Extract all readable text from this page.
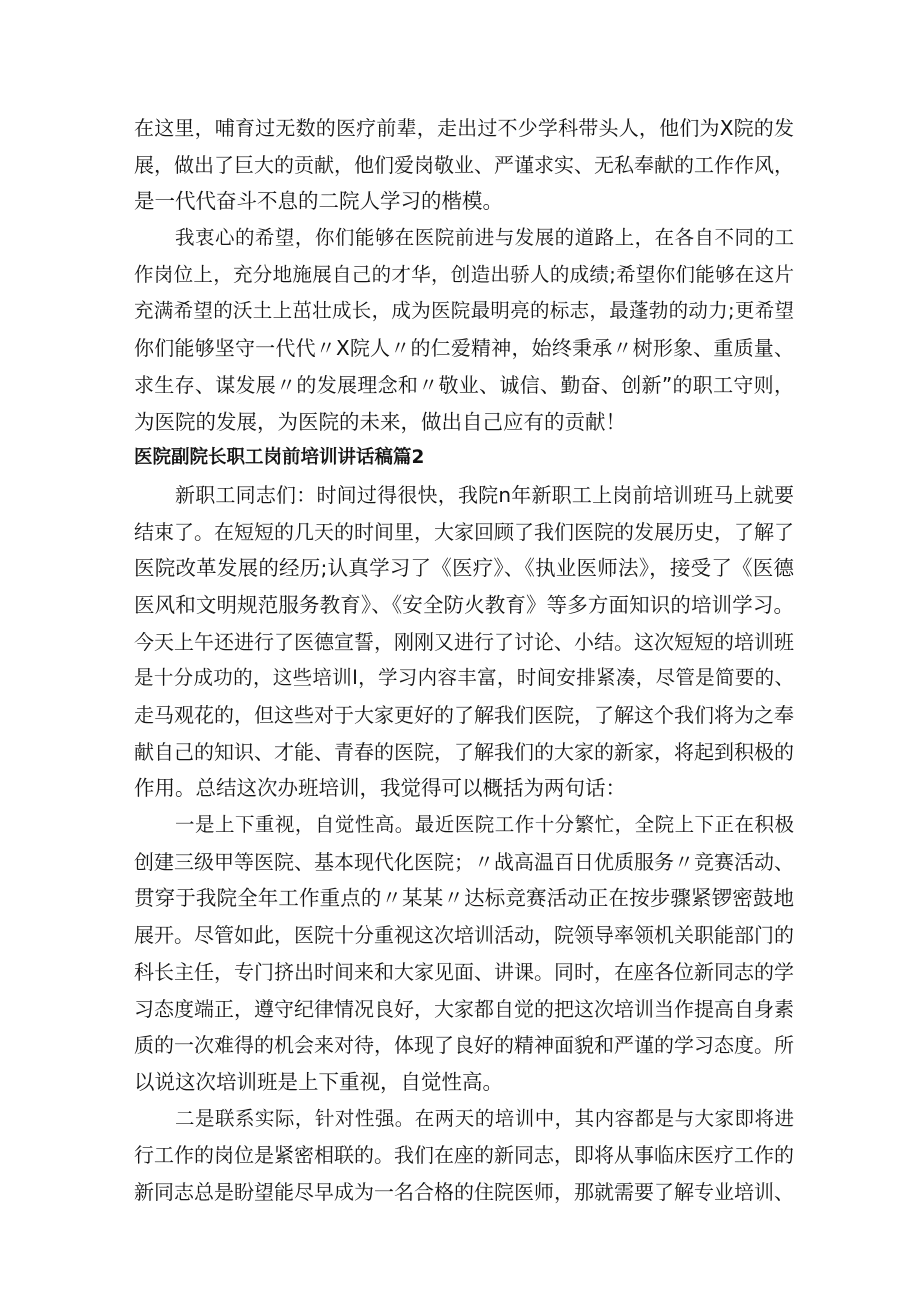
在这里，哺育过无数的医疗前辈，走出过不少学科带头人，他们为X院的发
展，做出了巨大的贡献，他们爱岗敬业、严谨求实、无私奉献的工作作风，
是一代代奋斗不息的二院人学习的楷模。
我衷心的希望，你们能够在医院前进与发展的道路上，在各自不同的工
作岗位上，充分地施展自己的才华，创造出骄人的成绩;希望你们能够在这片
充满希望的沃土上茁壮成长，成为医院最明亮的标志，最蓬勃的动力;更希望
你们能够坚守一代代〃X院人〃的仁爱精神，始终秉承〃树形象、重质量、
求生存、谋发展〃的发展理念和〃敬业、诚信、勤奋、创新”的职工守则，
为医院的发展，为医院的未来，做出自己应有的贡献！
医院副院长职工岗前培训讲话稿篇2
新职工同志们：时间过得很快，我院n年新职工上岗前培训班马上就要
结束了。在短短的几天的时间里，大家回顾了我们医院的发展历史，了解了
医院改革发展的经历;认真学习了《医疗》、《执业医师法》，接受了《医德
医风和文明规范服务教育》、《安全防火教育》等多方面知识的培训学习。
今天上午还进行了医德宣誓，刚刚又进行了讨论、小结。这次短短的培训班
是十分成功的，这些培训I，学习内容丰富，时间安排紧凑，尽管是简要的、
走马观花的，但这些对于大家更好的了解我们医院，了解这个我们将为之奉
献自己的知识、才能、青春的医院，了解我们的大家的新家，将起到积极的
作用。总结这次办班培训，我觉得可以概括为两句话：
一是上下重视，自觉性高。最近医院工作十分繁忙，全院上下正在积极
创建三级甲等医院、基本现代化医院；〃战高温百日优质服务〃竞赛活动、
贯穿于我院全年工作重点的〃某某〃达标竞赛活动正在按步骤紧锣密鼓地
展开。尽管如此，医院十分重视这次培训活动，院领导率领机关职能部门的
科长主任，专门挤出时间来和大家见面、讲课。同时，在座各位新同志的学
习态度端正，遵守纪律情况良好，大家都自觉的把这次培训当作提高自身素
质的一次难得的机会来对待，体现了良好的精神面貌和严谨的学习态度。所
以说这次培训班是上下重视，自觉性高。
二是联系实际，针对性强。在两天的培训中，其内容都是与大家即将进
行工作的岗位是紧密相联的。我们在座的新同志，即将从事临床医疗工作的
新同志总是盼望能尽早成为一名合格的住院医师，那就需要了解专业培训、
